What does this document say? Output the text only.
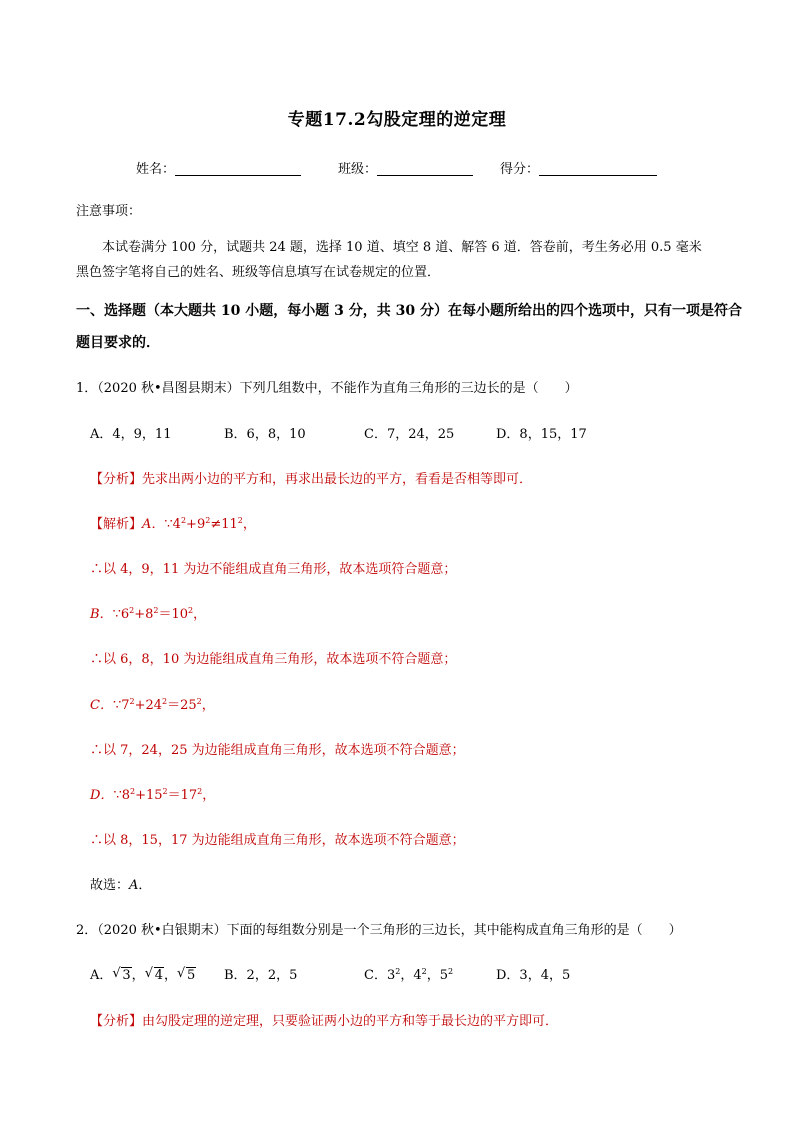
专题17.2勾股定理的逆定理
姓名：	班级：	得分：
注意事项：
本试卷满分 100 分，试题共 24 题，选择 10 道、填空 8 道、解答 6 道．答卷前，考生务必用 0.5 毫米
黑色签字笔将自己的姓名、班级等信息填写在试卷规定的位置．
一、选择题（本大题共 10 小题，每小题 3 分，共 30 分）在每小题所给出的四个选项中，只有一项是符合
题目要求的．
1．（2020 秋•昌图县期末）下列几组数中，不能作为直角三角形的三边长的是（　　）
A．4，9，11	B．6，8，10	C．7，24，25	D．8，15，17
【分析】先求出两小边的平方和，再求出最长边的平方，看看是否相等即可．
【解析】A．$\because 4^2+9^2\ne 11^2$，
∴以 4，9，11 为边不能组成直角三角形，故本选项符合题意；
B．$\because 6^2+8^2=10^2$，
∴以 6，8，10 为边能组成直角三角形，故本选项不符合题意；
C．$\because 7^2+24^2=25^2$，
∴以 7，24，25 为边能组成直角三角形，故本选项不符合题意；
D．$\because 8^2+15^2=17^2$，
∴以 8，15，17 为边能组成直角三角形，故本选项不符合题意；
故选：A．
2．（2020 秋•白银期末）下面的每组数分别是一个三角形的三边长，其中能构成直角三角形的是（　　）
A． √ 3， √ 4， √ 5 B．2，2，5	C．$3^2$，$4^2$，$5^2$	D．3，4，5
【分析】由勾股定理的逆定理，只要验证两小边的平方和等于最长边的平方即可．
